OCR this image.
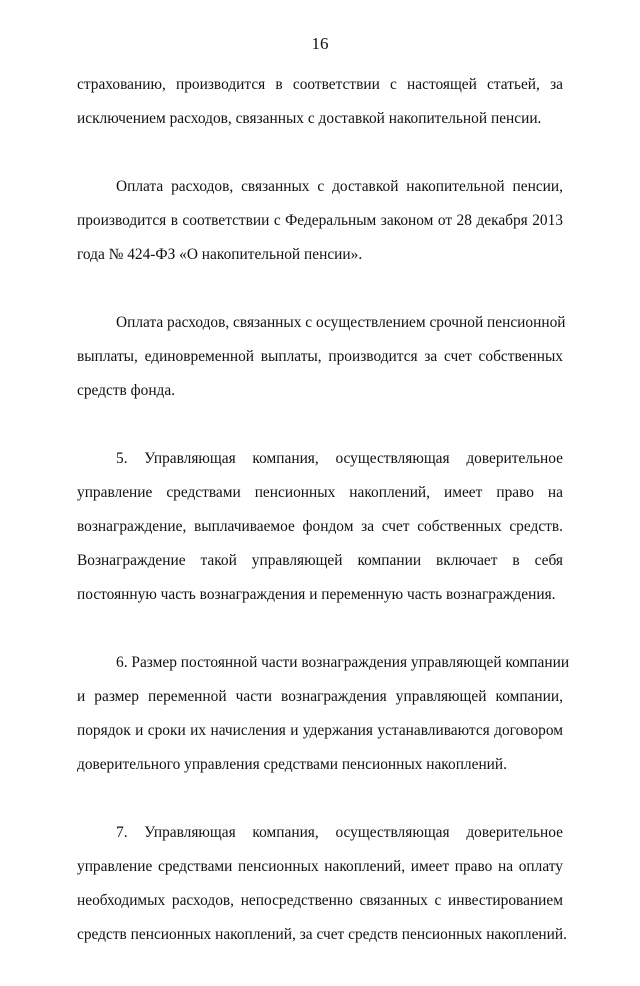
16
страхованию, производится в соответствии с настоящей статьей, за
исключением расходов, связанных с доставкой накопительной пенсии.
Оплата расходов, связанных с доставкой накопительной пенсии,
производится в соответствии с Федеральным законом от 28 декабря 2013
года № 424-ФЗ «О накопительной пенсии».
Оплата расходов, связанных с осуществлением срочной пенсионной
выплаты, единовременной выплаты, производится за счет собственных
средств фонда.
5. Управляющая компания, осуществляющая доверительное
управление средствами пенсионных накоплений, имеет право на
вознаграждение, выплачиваемое фондом за счет собственных средств.
Вознаграждение такой управляющей компании включает в себя
постоянную часть вознаграждения и переменную часть вознаграждения.
6. Размер постоянной части вознаграждения управляющей компании
и размер переменной части вознаграждения управляющей компании,
порядок и сроки их начисления и удержания устанавливаются договором
доверительного управления средствами пенсионных накоплений.
7. Управляющая компания, осуществляющая доверительное
управление средствами пенсионных накоплений, имеет право на оплату
необходимых расходов, непосредственно связанных с инвестированием
средств пенсионных накоплений, за счет средств пенсионных накоплений.
